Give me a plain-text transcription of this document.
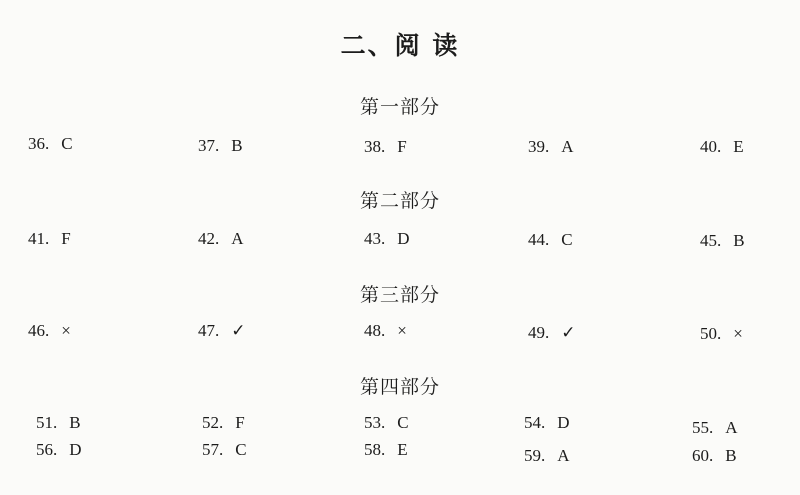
二、阅 读
第一部分
36. C	37. B	38. F	39. A	40. E
第二部分
41. F	42. A	43. D	44. C	45. B
第三部分
46. ×	47. ✓	48. ×	49. ✓	50. ×
第四部分
51. B	52. F	53. C	54. D	55. A
56. D	57. C	58. E	59. A	60. B
